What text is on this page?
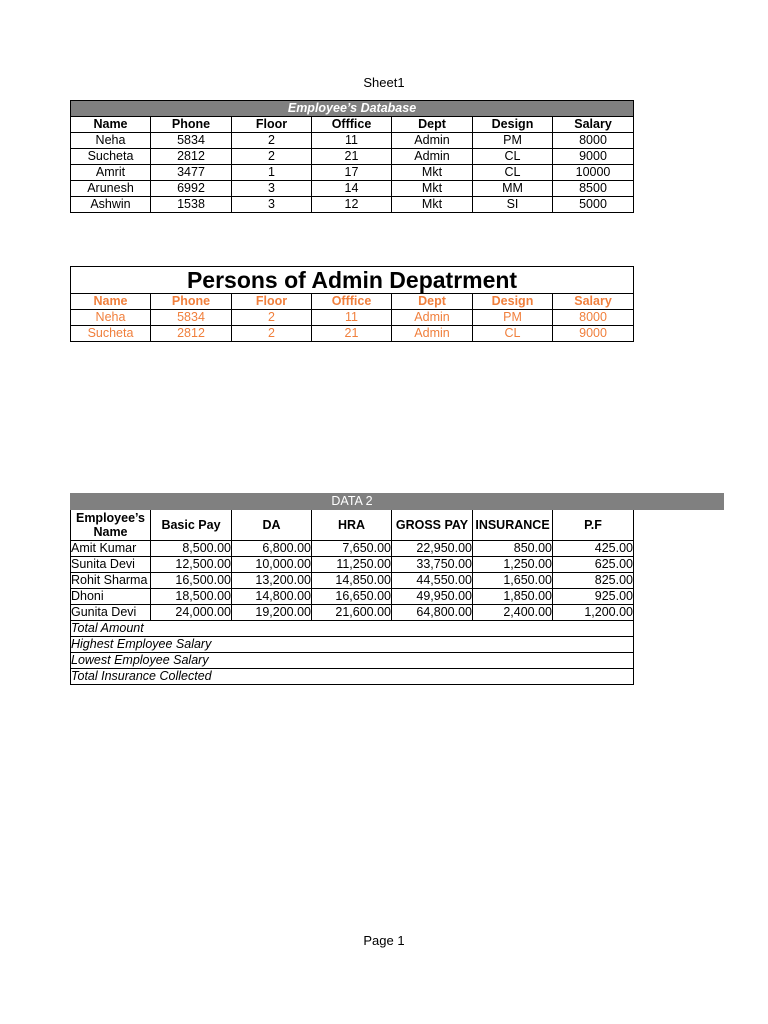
Sheet1
Employee’s Database						
Name	Phone	Floor	Offfice	Dept	Design	Salary
Neha	5834	2	11	Admin	PM	8000
Sucheta	2812	2	21	Admin	CL	9000
Amrit	3477	1	17	Mkt	CL	10000
Arunesh	6992	3	14	Mkt	MM	8500
Ashwin	1538	3	12	Mkt	SI	5000
Persons of Admin Depatrment						
Name	Phone	Floor	Offfice	Dept	Design	Salary
Neha	5834	2	11	Admin	PM	8000
Sucheta	2812	2	21	Admin	CL	9000
DATA 2						
Employee’s Name	Basic Pay	DA	HRA	GROSS PAY	INSURANCE	P.F
Amit Kumar	8,500.00	6,800.00	7,650.00	22,950.00	850.00	425.00
Sunita Devi	12,500.00	10,000.00	11,250.00	33,750.00	1,250.00	625.00
Rohit Sharma	16,500.00	13,200.00	14,850.00	44,550.00	1,650.00	825.00
Dhoni	18,500.00	14,800.00	16,650.00	49,950.00	1,850.00	925.00
Gunita Devi	24,000.00	19,200.00	21,600.00	64,800.00	2,400.00	1,200.00
Total Amount						
Highest Employee Salary						
Lowest Employee Salary						
Total Insurance Collected						
Page 1
